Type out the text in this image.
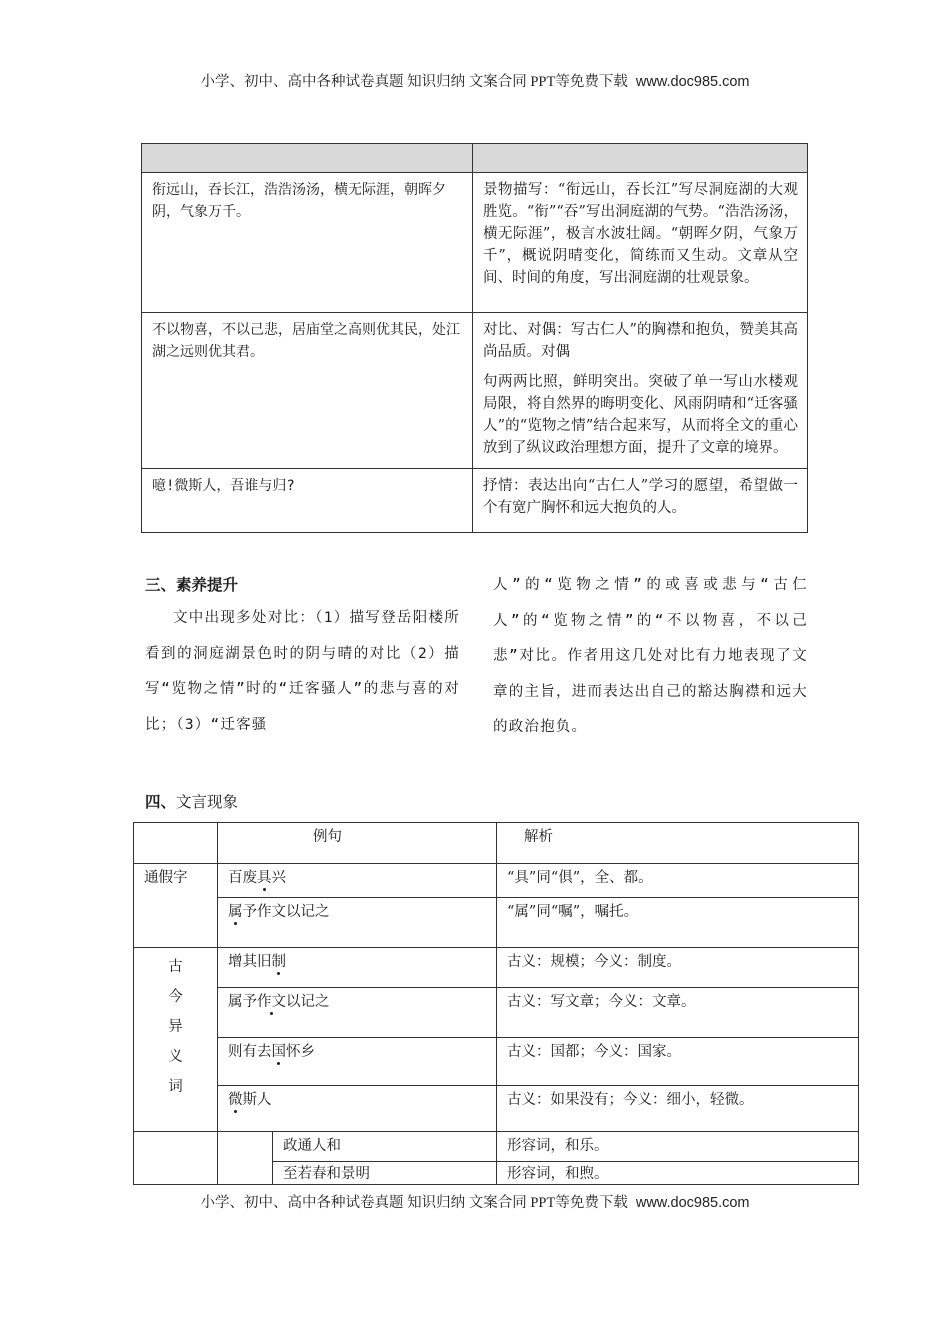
小学、初中、高中各种试卷真题 知识归纳 文案合同 PPT等免费下载 www.doc985.com

衔远山，吞长江，浩浩汤汤，横无际涯，朝晖夕阴，气象万千。	景物描写：“衔远山，吞长江”写尽洞庭湖的大观胜览。“衔”“吞”写出洞庭湖的气势。“浩浩汤汤，横无际涯”，极言水波壮阔。“朝晖夕阴，气象万千”，概说阴晴变化，简练而又生动。文章从空间、时间的角度，写出洞庭湖的壮观景象。

不以物喜，不以己悲，居庙堂之高则优其民，处江湖之远则优其君。	对比、对偶：写古仁人”的胸襟和抱负，赞美其高尚品质。对偶

句两两比照，鲜明突出。突破了单一写山水楼观局限，将自然界的晦明变化、风雨阴晴和“迁客骚人”的“览物之情”结合起来写，从而将全文的重心放到了纵议政治理想方面，提升了文章的境界。

噫!微斯人，吾谁与归?	抒情：表达出向“古仁人”学习的愿望，希望做一个有宽广胸怀和远大抱负的人。

三、素养提升
文中出现多处对比：（1）描写登岳阳楼所看到的洞庭湖景色时的阴与晴的对比（2）描写“览物之情”时的“迁客骚人”的悲与喜的对比；（3）“迁客骚
人”的“览物之情”的或喜或悲与“古仁人”的“览物之情”的“不以物喜，不以己悲”对比。作者用这几处对比有力地表现了文章的主旨，进而表达出自己的豁达胸襟和远大的政治抱负。
四、文言现象
	例句		解析
通假字	百废具兴		“具”同“俱”，全、都。
	属予作文以记之		“属”同“嘱”，嘱托。

古
今
异
义
词	增其旧制		古义：规模；今义：制度。
	属予作文以记之		古义：写文章；今义：文章。
	则有去国怀乡		古义：国都；今义：国家。
	微斯人		古义：如果没有；今义：细小，轻微。
		政通人和	形容词，和乐。
		至若春和景明	形容词，和煦。
小学、初中、高中各种试卷真题 知识归纳 文案合同 PPT等免费下载 www.doc985.com
